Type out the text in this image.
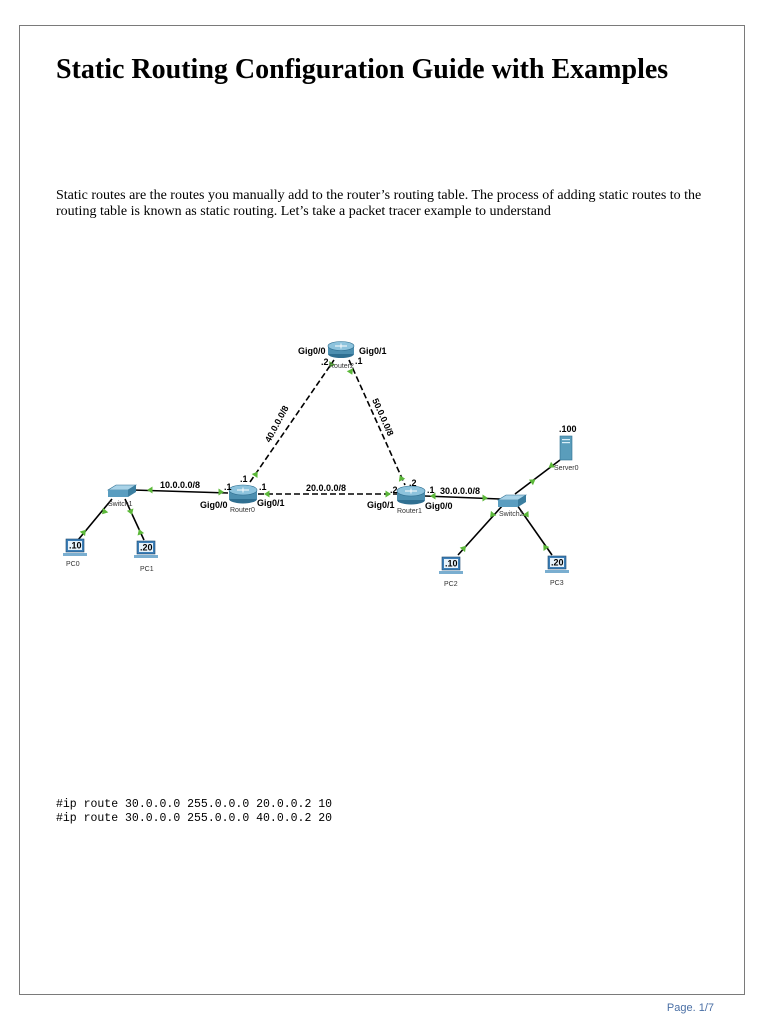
Static Routing Configuration Guide with Examples

Static routes are the routes you manually add to the router’s routing table. The process of adding static routes to the routing table is known as static routing. Let’s take a packet tracer example to understand

Router2
Router0	Router1
Switch1
Switch2
Server0
.100
.10
PC0
.20
PC1
.10
PC2
.20
PC3
Gig0/0	Gig0/1
Gig0/0	Gig0/1	Gig0/1	Gig0/0
.2	.1
.1
.1	.1	.2
.2	.1
10.0.0.0/8	20.0.0.0/8	30.0.0.0/8
40.0.0.0/8	50.0.0.0/8
#ip route 30.0.0.0 255.0.0.0 20.0.0.2 10
#ip route 30.0.0.0 255.0.0.0 40.0.0.2 20
Page. 1/7
